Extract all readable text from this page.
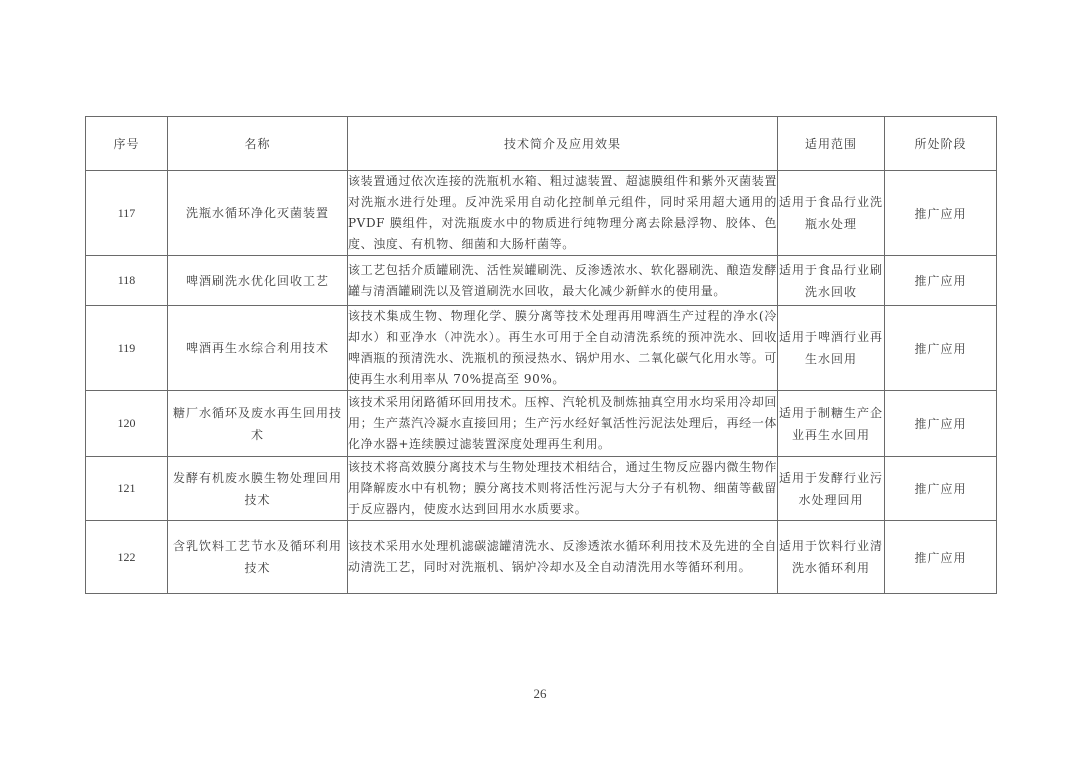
序号	名称	技术简介及应用效果	适用范围	所处阶段
117	洗瓶水循环净化灭菌装置	该装置通过依次连接的洗瓶机水箱、粗过滤装置、超滤膜组件和紫外灭菌装置对洗瓶水进行处理。反冲洗采用自动化控制单元组件，同时采用超大通用的 PVDF 膜组件，对洗瓶废水中的物质进行纯物理分离去除悬浮物、胶体、色度、浊度、有机物、细菌和大肠杆菌等。	适用于食品行业洗瓶水处理	推广应用
118	啤酒刷洗水优化回收工艺	该工艺包括介质罐刷洗、活性炭罐刷洗、反渗透浓水、软化器刷洗、酿造发酵罐与清酒罐刷洗以及管道刷洗水回收，最大化减少新鲜水的使用量。	适用于食品行业刷洗水回收	推广应用
119	啤酒再生水综合利用技术	该技术集成生物、物理化学、膜分离等技术处理再用啤酒生产过程的净水(冷却水）和亚净水（冲洗水）。再生水可用于全自动清洗系统的预冲洗水、回收啤酒瓶的预清洗水、洗瓶机的预浸热水、锅炉用水、二氧化碳气化用水等。可使再生水利用率从 70%提高至 90%。	适用于啤酒行业再生水回用	推广应用
120	糖厂水循环及废水再生回用技术	该技术采用闭路循环回用技术。压榨、汽轮机及制炼抽真空用水均采用冷却回用；生产蒸汽冷凝水直接回用；生产污水经好氧活性污泥法处理后，再经一体化净水器+连续膜过滤装置深度处理再生利用。	适用于制糖生产企业再生水回用	推广应用
121	发酵有机废水膜生物处理回用技术	该技术将高效膜分离技术与生物处理技术相结合，通过生物反应器内微生物作用降解废水中有机物；膜分离技术则将活性污泥与大分子有机物、细菌等截留于反应器内，使废水达到回用水水质要求。	适用于发酵行业污水处理回用	推广应用
122	含乳饮料工艺节水及循环利用技术	该技术采用水处理机滤碳滤罐清洗水、反渗透浓水循环利用技术及先进的全自动清洗工艺，同时对洗瓶机、锅炉冷却水及全自动清洗用水等循环利用。	适用于饮料行业清洗水循环利用	推广应用
26
